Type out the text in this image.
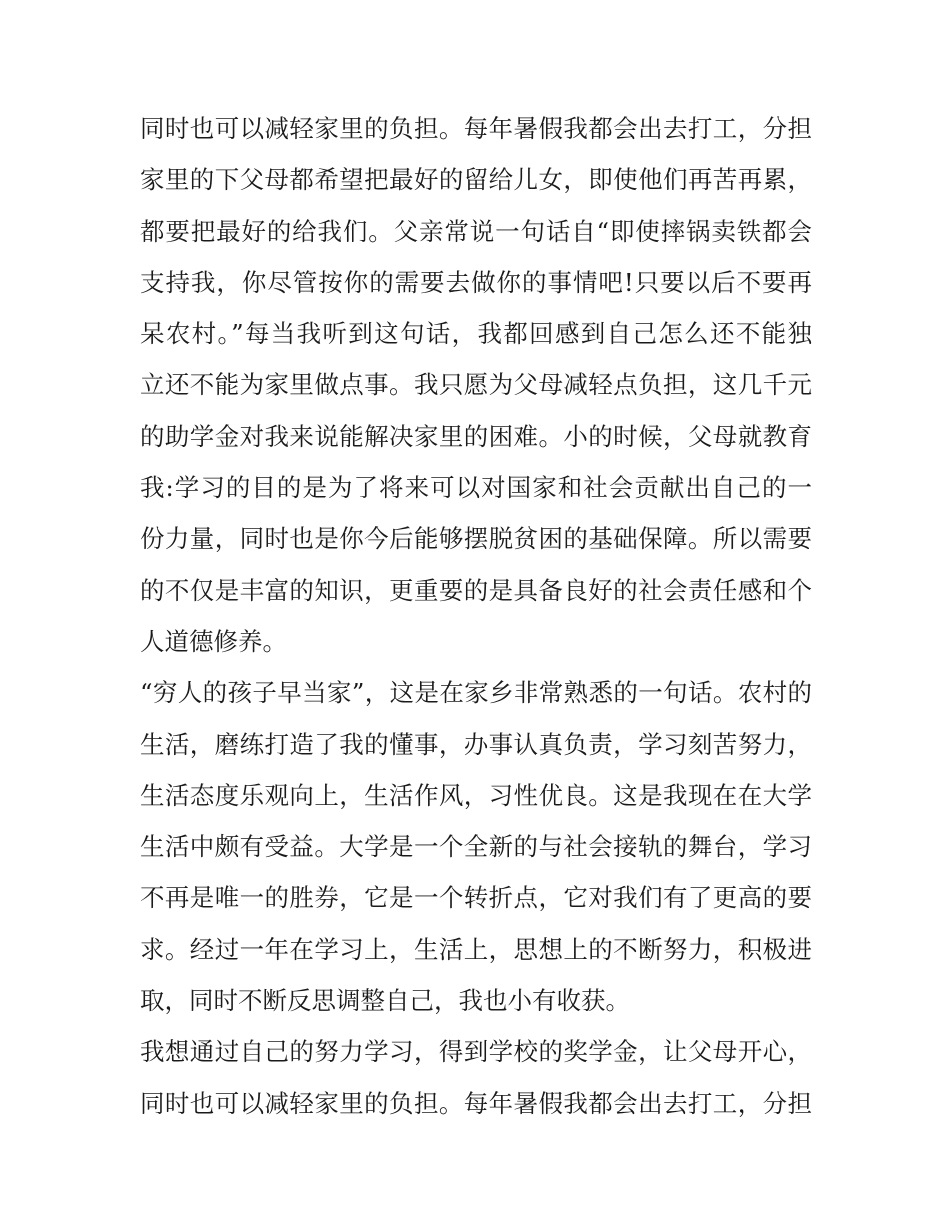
同时也可以减轻家里的负担。每年暑假我都会出去打工，分担
家里的下父母都希望把最好的留给儿女，即使他们再苦再累，
都要把最好的给我们。父亲常说一句话自“即使摔锅卖铁都会
支持我，你尽管按你的需要去做你的事情吧!只要以后不要再
呆农村。”每当我听到这句话，我都回感到自己怎么还不能独
立还不能为家里做点事。我只愿为父母减轻点负担，这几千元
的助学金对我来说能解决家里的困难。小的时候，父母就教育
我:学习的目的是为了将来可以对国家和社会贡献出自己的一
份力量，同时也是你今后能够摆脱贫困的基础保障。所以需要
的不仅是丰富的知识，更重要的是具备良好的社会责任感和个
人道德修养。
“穷人的孩子早当家”，这是在家乡非常熟悉的一句话。农村的
生活，磨练打造了我的懂事，办事认真负责，学习刻苦努力，
生活态度乐观向上，生活作风，习性优良。这是我现在在大学
生活中颇有受益。大学是一个全新的与社会接轨的舞台，学习
不再是唯一的胜券，它是一个转折点，它对我们有了更高的要
求。经过一年在学习上，生活上，思想上的不断努力，积极进
取，同时不断反思调整自己，我也小有收获。
我想通过自己的努力学习，得到学校的奖学金，让父母开心，
同时也可以减轻家里的负担。每年暑假我都会出去打工，分担
